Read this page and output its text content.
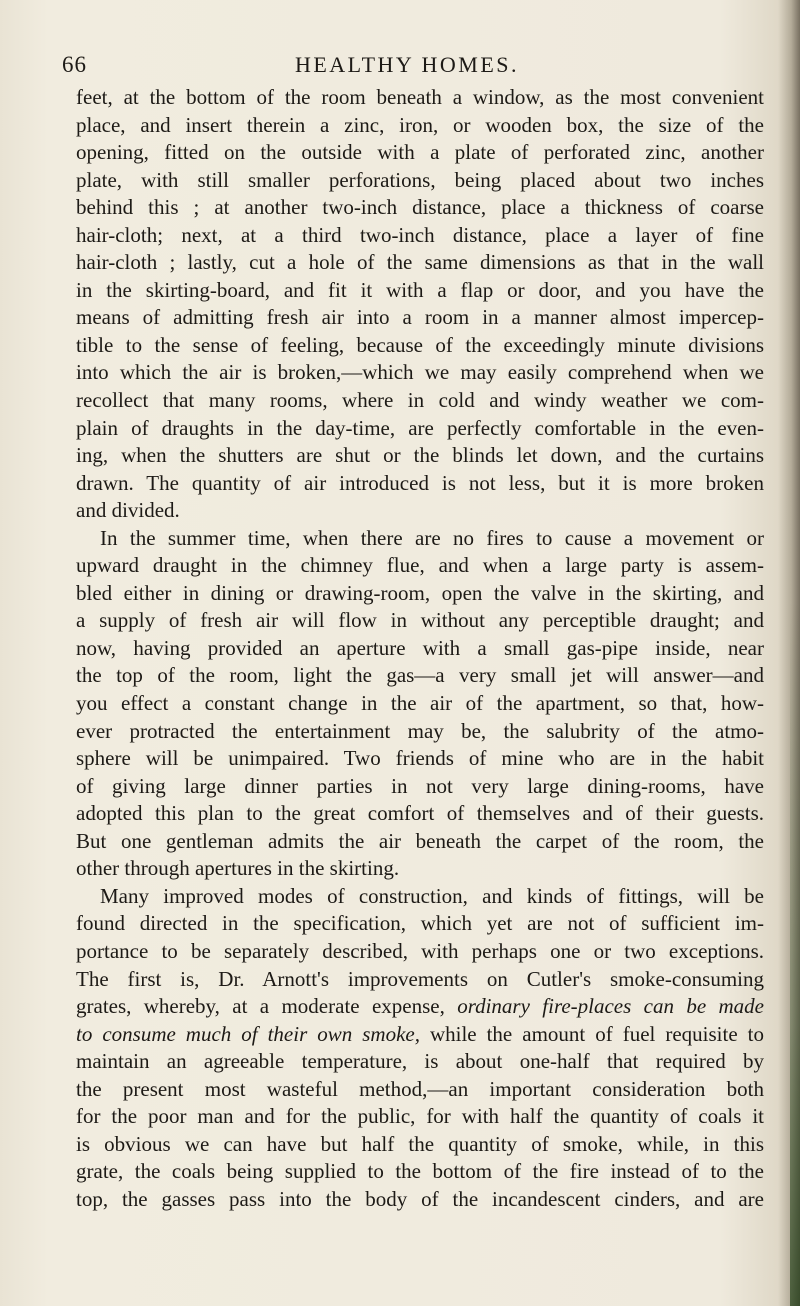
66	HEALTHY HOMES.
feet, at the bottom of the room beneath a window, as the most convenient
place, and insert therein a zinc, iron, or wooden box, the size of the
opening, fitted on the outside with a plate of perforated zinc, another
plate, with still smaller perforations, being placed about two inches
behind this ; at another two-inch distance, place a thickness of coarse
hair-cloth; next, at a third two-inch distance, place a layer of fine
hair-cloth ; lastly, cut a hole of the same dimensions as that in the wall
in the skirting-board, and fit it with a flap or door, and you have the
means of admitting fresh air into a room in a manner almost impercep-
tible to the sense of feeling, because of the exceedingly minute divisions
into which the air is broken,—which we may easily comprehend when we
recollect that many rooms, where in cold and windy weather we com-
plain of draughts in the day-time, are perfectly comfortable in the even-
ing, when the shutters are shut or the blinds let down, and the curtains
drawn. The quantity of air introduced is not less, but it is more broken
and divided.
In the summer time, when there are no fires to cause a movement or
upward draught in the chimney flue, and when a large party is assem-
bled either in dining or drawing-room, open the valve in the skirting, and
a supply of fresh air will flow in without any perceptible draught; and
now, having provided an aperture with a small gas-pipe inside, near
the top of the room, light the gas—a very small jet will answer—and
you effect a constant change in the air of the apartment, so that, how-
ever protracted the entertainment may be, the salubrity of the atmo-
sphere will be unimpaired. Two friends of mine who are in the habit
of giving large dinner parties in not very large dining-rooms, have
adopted this plan to the great comfort of themselves and of their guests.
But one gentleman admits the air beneath the carpet of the room, the
other through apertures in the skirting.
Many improved modes of construction, and kinds of fittings, will be
found directed in the specification, which yet are not of sufficient im-
portance to be separately described, with perhaps one or two exceptions.
The first is, Dr. Arnott's improvements on Cutler's smoke-consuming
grates, whereby, at a moderate expense, ordinary fire-places can be made
to consume much of their own smoke, while the amount of fuel requisite to
maintain an agreeable temperature, is about one-half that required by
the present most wasteful method,—an important consideration both
for the poor man and for the public, for with half the quantity of coals it
is obvious we can have but half the quantity of smoke, while, in this
grate, the coals being supplied to the bottom of the fire instead of to the
top, the gasses pass into the body of the incandescent cinders, and are
